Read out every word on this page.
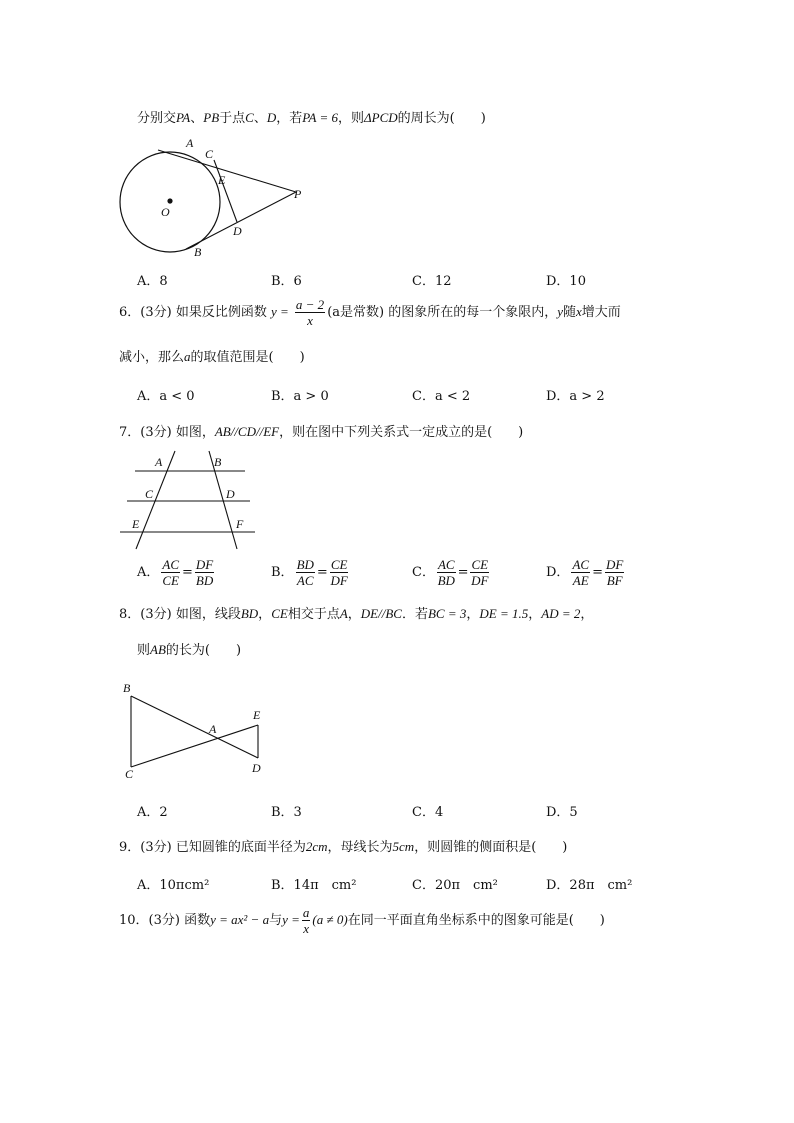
分别交PA、PB于点C、D，若PA = 6，则ΔPCD的周长为(　　)
A
C
E
O
P
D
B
A．8	B．6	C．12	D．10
6．(3分) 如果反比例函数 $y = \frac{a - 2}{x} (a$是常数) 的图象所在的每一个象限内，y随x增大而
减小，那么a的取值范围是(　　)
A．a < 0	B．a > 0	C．a < 2	D．a > 2
7．(3分) 如图，AB//CD//EF，则在图中下列关系式一定成立的是(　　)
A	B
C	D
E	F
A． $\frac{AC}{CE} = \frac{DF}{BD}$	B． $\frac{BD}{AC} = \frac{CE}{DF}$	C． $\frac{AC}{BD} = \frac{CE}{DF}$	D． $\frac{AC}{AE} = \frac{DF}{BF}$
8．(3分) 如图，线段BD，CE相交于点A，DE//BC．若BC = 3，DE = 1.5，AD = 2，
则AB的长为(　　)
B
E
A
C	D
A．2	B．3	C．4	D．5
9．(3分) 已知圆锥的底面半径为2cm，母线长为5cm，则圆锥的侧面积是(　　)
A．10πcm²	B．14π　cm²	C．20π　cm²	D．28π　cm²
10．(3分) 函数y = ax² − a与$y = \frac{a}{x} (a \ne 0)$在同一平面直角坐标系中的图象可能是(　　)
